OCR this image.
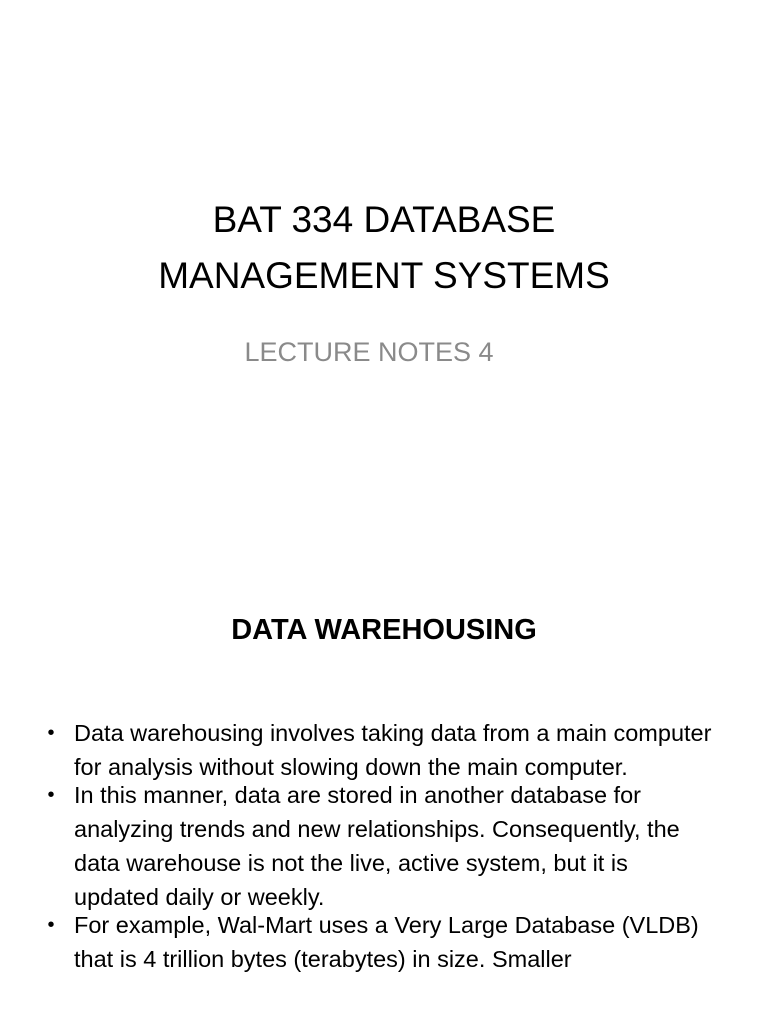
BAT 334 DATABASE
MANAGEMENT SYSTEMS

LECTURE NOTES 4

DATA WAREHOUSING
• Data warehousing involves taking data from a main computer for analysis without slowing down the main computer.
• In this manner, data are stored in another database for analyzing trends and new relationships. Consequently, the data warehouse is not the live, active system, but it is updated daily or weekly.
• For example, Wal-Mart uses a Very Large Database (VLDB) that is 4 trillion bytes (terabytes) in size. Smaller
